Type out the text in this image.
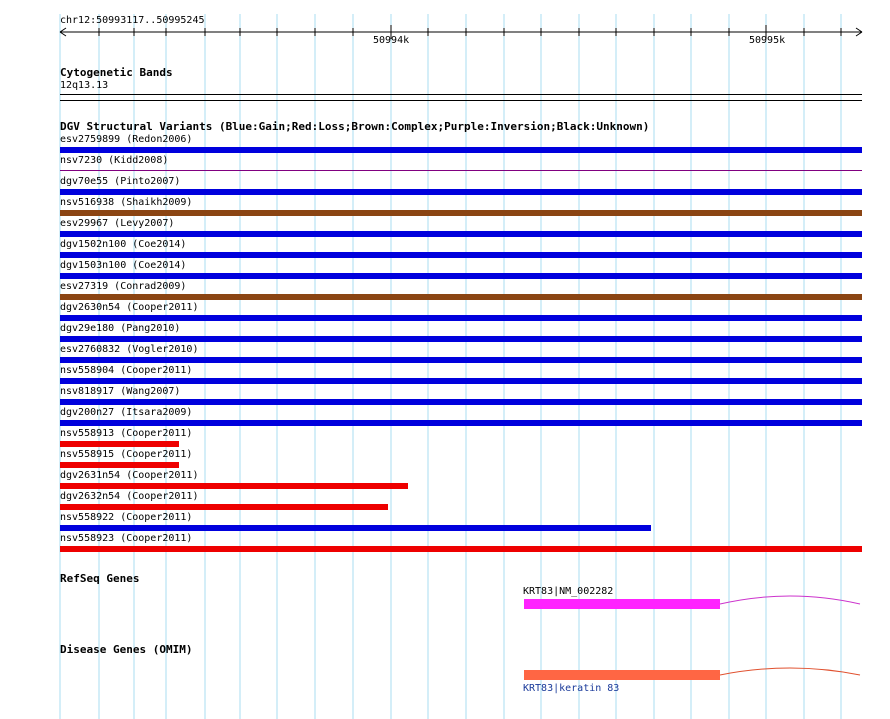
chr12:50993117..50995245
50994k	50995k
Cytogenetic Bands
12q13.13
DGV Structural Variants (Blue:Gain;Red:Loss;Brown:Complex;Purple:Inversion;Black:Unknown)
esv2759899 (Redon2006)
nsv7230 (Kidd2008)
dgv70e55 (Pinto2007)
nsv516938 (Shaikh2009)
esv29967 (Levy2007)
dgv1502n100 (Coe2014)
dgv1503n100 (Coe2014)
esv27319 (Conrad2009)
dgv2630n54 (Cooper2011)
dgv29e180 (Pang2010)
esv2760832 (Vogler2010)
nsv558904 (Cooper2011)
nsv818917 (Wang2007)
dgv200n27 (Itsara2009)
nsv558913 (Cooper2011)
nsv558915 (Cooper2011)
dgv2631n54 (Cooper2011)
dgv2632n54 (Cooper2011)
nsv558922 (Cooper2011)
nsv558923 (Cooper2011)
RefSeq Genes
KRT83|NM_002282
Disease Genes (OMIM)
KRT83|keratin 83
